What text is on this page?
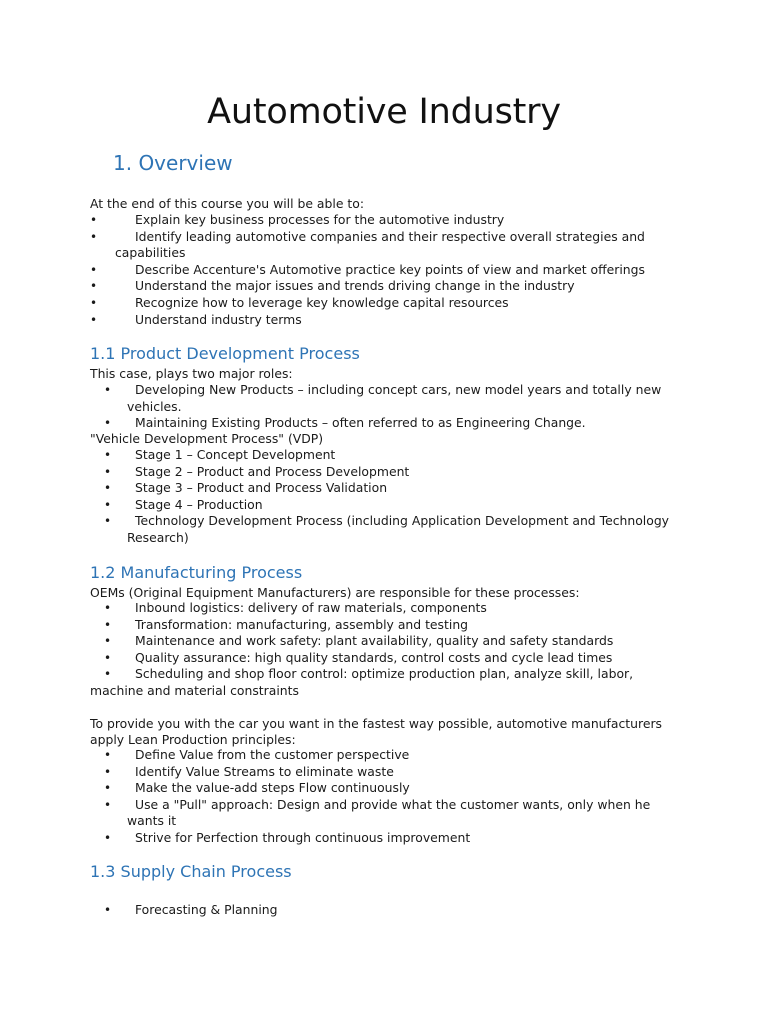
Automotive Industry
1. Overview
At the end of this course you will be able to:
•	Explain key business processes for the automotive industry
•	Identify leading automotive companies and their respective overall strategies and
capabilities
•	Describe Accenture's Automotive practice key points of view and market offerings
•	Understand the major issues and trends driving change in the industry
•	Recognize how to leverage key knowledge capital resources
•	Understand industry terms
1.1 Product Development Process
This case, plays two major roles:
• Developing New Products – including concept cars, new model years and totally new
vehicles.
• Maintaining Existing Products – often referred to as Engineering Change.
"Vehicle Development Process" (VDP)
• Stage 1 – Concept Development
• Stage 2 – Product and Process Development
• Stage 3 – Product and Process Validation
• Stage 4 – Production
• Technology Development Process (including Application Development and Technology
Research)
1.2 Manufacturing Process
OEMs (Original Equipment Manufacturers) are responsible for these processes:
• Inbound logistics: delivery of raw materials, components
• Transformation: manufacturing, assembly and testing
• Maintenance and work safety: plant availability, quality and safety standards
• Quality assurance: high quality standards, control costs and cycle lead times
• Scheduling and shop floor control: optimize production plan, analyze skill, labor,
machine and material constraints
To provide you with the car you want in the fastest way possible, automotive manufacturers
apply Lean Production principles:
• Define Value from the customer perspective
• Identify Value Streams to eliminate waste
• Make the value-add steps Flow continuously
• Use a "Pull" approach: Design and provide what the customer wants, only when he
wants it
• Strive for Perfection through continuous improvement
1.3 Supply Chain Process
• Forecasting & Planning
